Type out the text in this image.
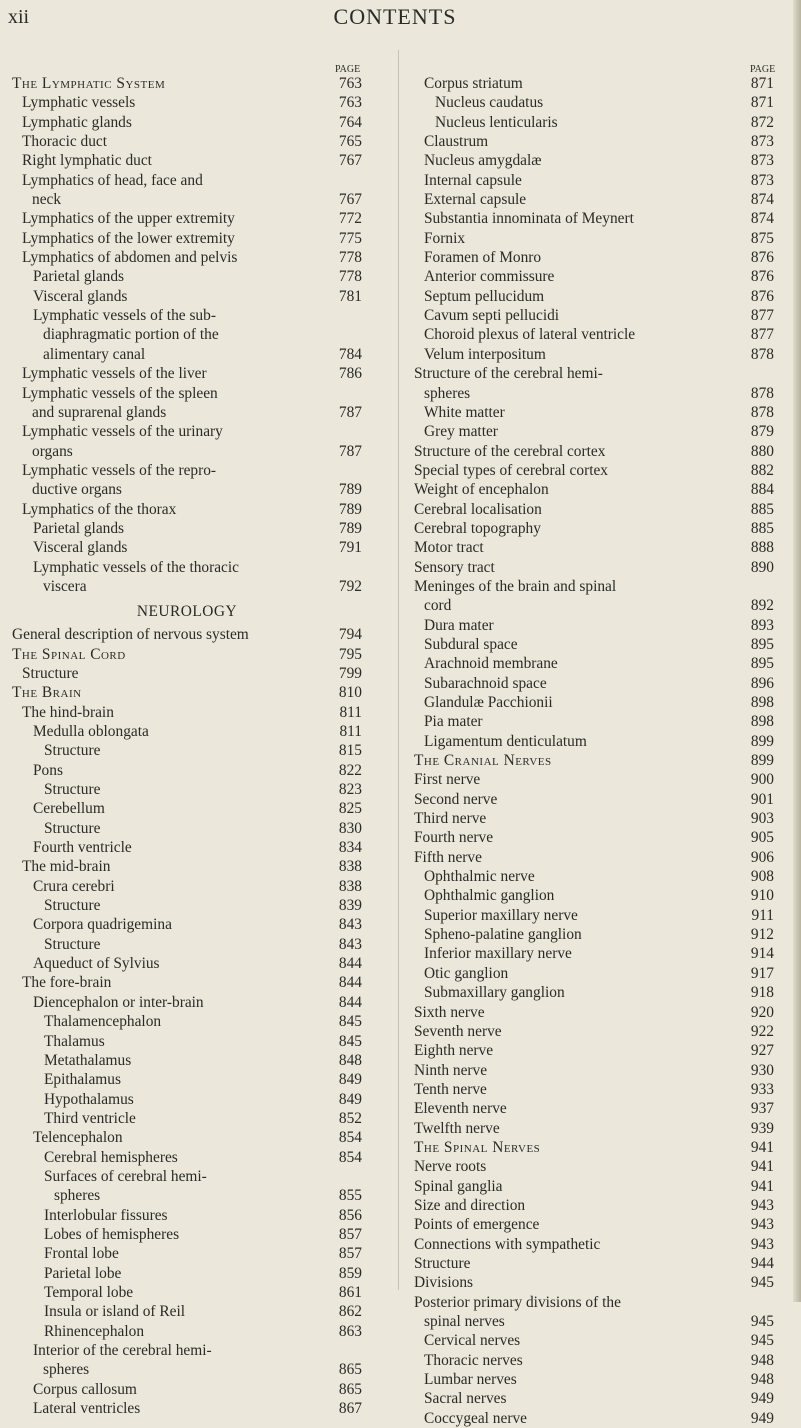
xii	CONTENTS
PAGE	PAGE
The Lymphatic System	763
Lymphatic vessels	763
Lymphatic glands	764
Thoracic duct	765
Right lymphatic duct	767
Lymphatics of head, face and
neck	767
Lymphatics of the upper extremity	772
Lymphatics of the lower extremity	775
Lymphatics of abdomen and pelvis	778
Parietal glands	778
Visceral glands	781
Lymphatic vessels of the sub-
diaphragmatic portion of the
alimentary canal	784
Lymphatic vessels of the liver	786
Lymphatic vessels of the spleen
and suprarenal glands	787
Lymphatic vessels of the urinary
organs	787
Lymphatic vessels of the repro-
ductive organs	789
Lymphatics of the thorax	789
Parietal glands	789
Visceral glands	791
Lymphatic vessels of the thoracic
viscera	792
NEUROLOGY
General description of nervous system	794
The Spinal Cord	795
Structure	799
The Brain	810
The hind-brain	811
Medulla oblongata	811
Structure	815
Pons	822
Structure	823
Cerebellum	825
Structure	830
Fourth ventricle	834
The mid-brain	838
Crura cerebri	838
Structure	839
Corpora quadrigemina	843
Structure	843
Aqueduct of Sylvius	844
The fore-brain	844
Diencephalon or inter-brain	844
Thalamencephalon	845
Thalamus	845
Metathalamus	848
Epithalamus	849
Hypothalamus	849
Third ventricle	852
Telencephalon	854
Cerebral hemispheres	854
Surfaces of cerebral hemi-
spheres	855
Interlobular fissures	856
Lobes of hemispheres	857
Frontal lobe	857
Parietal lobe	859
Temporal lobe	861
Insula or island of Reil	862
Rhinencephalon	863
Interior of the cerebral hemi-
spheres	865
Corpus callosum	865
Lateral ventricles	867
Corpus striatum	871
Nucleus caudatus	871
Nucleus lenticularis	872
Claustrum	873
Nucleus amygdalæ	873
Internal capsule	873
External capsule	874
Substantia innominata of Meynert	874
Fornix	875
Foramen of Monro	876
Anterior commissure	876
Septum pellucidum	876
Cavum septi pellucidi	877
Choroid plexus of lateral ventricle	877
Velum interpositum	878
Structure of the cerebral hemi-
spheres	878
White matter	878
Grey matter	879
Structure of the cerebral cortex	880
Special types of cerebral cortex	882
Weight of encephalon	884
Cerebral localisation	885
Cerebral topography	885
Motor tract	888
Sensory tract	890
Meninges of the brain and spinal
cord	892
Dura mater	893
Subdural space	895
Arachnoid membrane	895
Subarachnoid space	896
Glandulæ Pacchionii	898
Pia mater	898
Ligamentum denticulatum	899
The Cranial Nerves	899
First nerve	900
Second nerve	901
Third nerve	903
Fourth nerve	905
Fifth nerve	906
Ophthalmic nerve	908
Ophthalmic ganglion	910
Superior maxillary nerve	911
Spheno-palatine ganglion	912
Inferior maxillary nerve	914
Otic ganglion	917
Submaxillary ganglion	918
Sixth nerve	920
Seventh nerve	922
Eighth nerve	927
Ninth nerve	930
Tenth nerve	933
Eleventh nerve	937
Twelfth nerve	939
The Spinal Nerves	941
Nerve roots	941
Spinal ganglia	941
Size and direction	943
Points of emergence	943
Connections with sympathetic	943
Structure	944
Divisions	945
Posterior primary divisions of the
spinal nerves	945
Cervical nerves	945
Thoracic nerves	948
Lumbar nerves	948
Sacral nerves	949
Coccygeal nerve	949
